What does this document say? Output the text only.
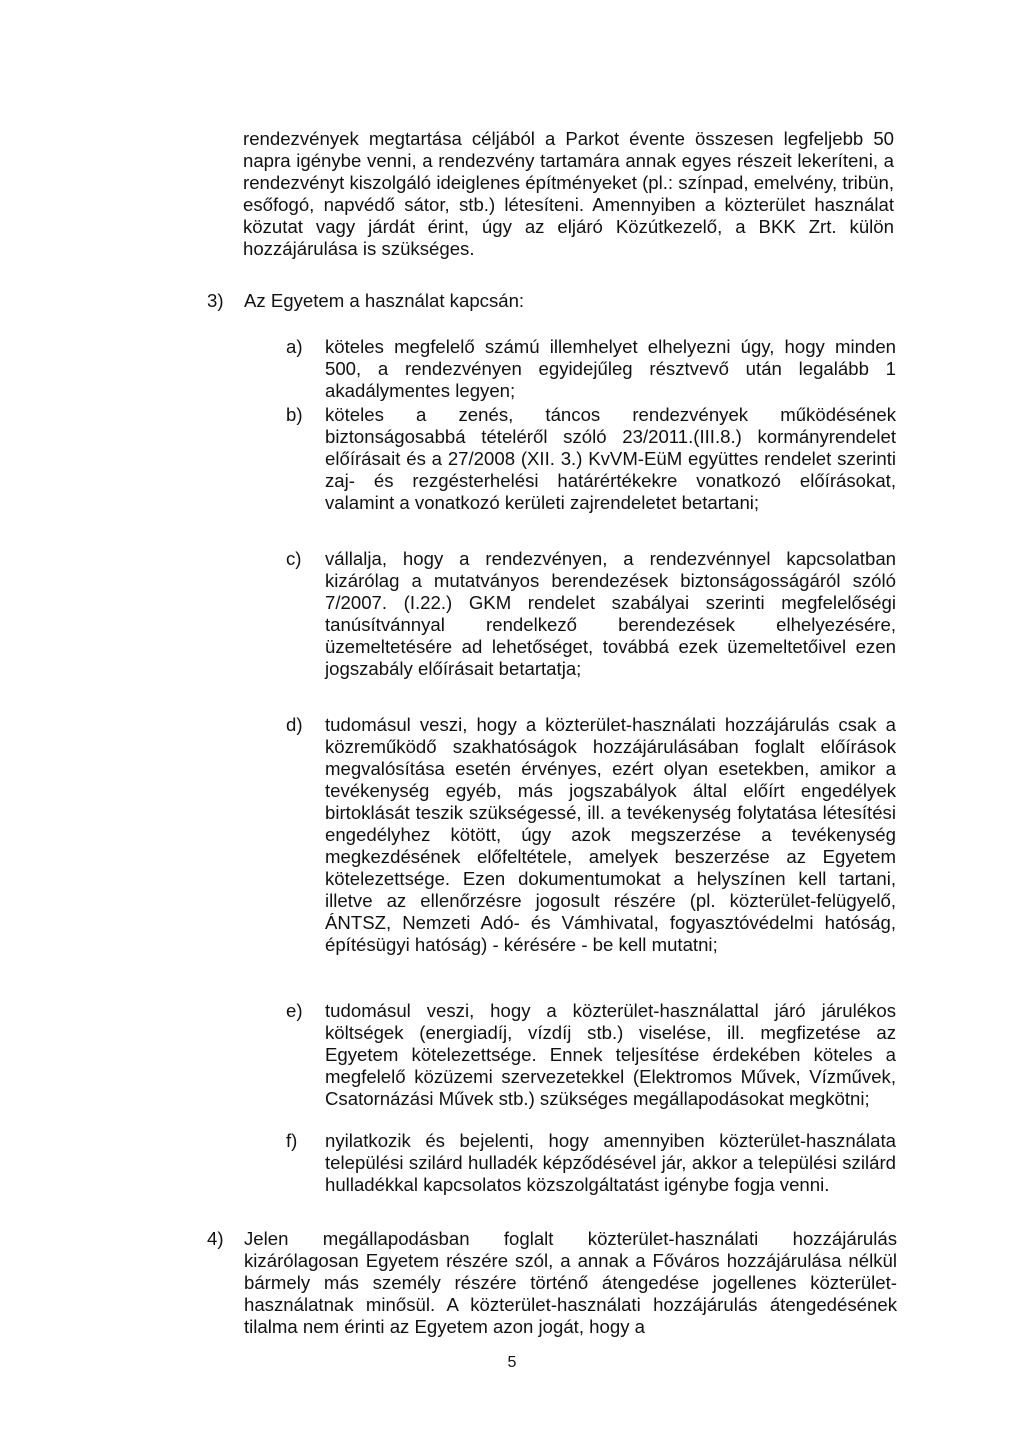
rendezvények megtartása céljából a Parkot évente összesen legfeljebb 50 napra igénybe venni, a rendezvény tartamára annak egyes részeit lekeríteni, a rendezvényt kiszolgáló ideiglenes építményeket (pl.: színpad, emelvény, tribün, esőfogó, napvédő sátor, stb.) létesíteni. Amennyiben a közterület használat közutat vagy járdát érint, úgy az eljáró Közútkezelő, a BKK Zrt. külön hozzájárulása is szükséges.
3) Az Egyetem a használat kapcsán:
a)	köteles megfelelő számú illemhelyet elhelyezni úgy, hogy minden 500, a rendezvényen egyidejűleg résztvevő után legalább 1 akadálymentes legyen;
b)	köteles a zenés, táncos rendezvények működésének biztonságosabbá tételéről szóló 23/2011.(III.8.) kormányrendelet előírásait és a 27/2008 (XII. 3.) KvVM-EüM együttes rendelet szerinti zaj- és rezgésterhelési határértékekre vonatkozó előírásokat, valamint a vonatkozó kerületi zajrendeletet betartani;
c)	vállalja, hogy a rendezvényen, a rendezvénnyel kapcsolatban kizárólag a mutatványos berendezések biztonságosságáról szóló 7/2007. (I.22.) GKM rendelet szabályai szerinti megfelelőségi tanúsítvánnyal rendelkező berendezések elhelyezésére, üzemeltetésére ad lehetőséget, továbbá ezek üzemeltetőivel ezen jogszabály előírásait betartatja;
d)	tudomásul veszi, hogy a közterület-használati hozzájárulás csak a közreműködő szakhatóságok hozzájárulásában foglalt előírások megvalósítása esetén érvényes, ezért olyan esetekben, amikor a tevékenység egyéb, más jogszabályok által előírt engedélyek birtoklását teszik szükségessé, ill. a tevékenység folytatása létesítési engedélyhez kötött, úgy azok megszerzése a tevékenység megkezdésének előfeltétele, amelyek beszerzése az Egyetem kötelezettsége. Ezen dokumentumokat a helyszínen kell tartani, illetve az ellenőrzésre jogosult részére (pl. közterület-felügyelő, ÁNTSZ, Nemzeti Adó- és Vámhivatal, fogyasztóvédelmi hatóság, építésügyi hatóság) - kérésére - be kell mutatni;
e)	tudomásul veszi, hogy a közterület-használattal járó járulékos költségek (energiadíj, vízdíj stb.) viselése, ill. megfizetése az Egyetem kötelezettsége. Ennek teljesítése érdekében köteles a megfelelő közüzemi szervezetekkel (Elektromos Művek, Vízművek, Csatornázási Művek stb.) szükséges megállapodásokat megkötni;
f)	nyilatkozik és bejelenti, hogy amennyiben közterület-használata települési szilárd hulladék képződésével jár, akkor a települési szilárd hulladékkal kapcsolatos közszolgáltatást igénybe fogja venni.
4) Jelen megállapodásban foglalt közterület-használati hozzájárulás kizárólagosan Egyetem részére szól, a annak a Főváros hozzájárulása nélkül bármely más személy részére történő átengedése jogellenes közterület-használatnak minősül. A közterület-használati hozzájárulás átengedésének tilalma nem érinti az Egyetem azon jogát, hogy a
5
